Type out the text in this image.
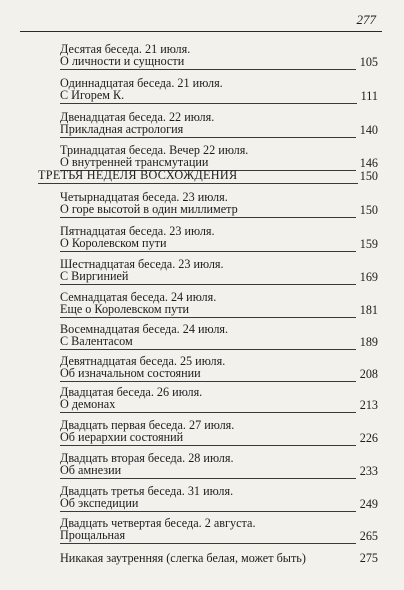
277
Десятая беседа. 21 июля.
О личности и сущности	105
Одиннадцатая беседа. 21 июля.
С Игорем К.	111
Двенадцатая беседа. 22 июля.
Прикладная астрология	140
Тринадцатая беседа. Вечер 22 июля.
О внутренней трансмутации	146
ТРЕТЬЯ НЕДЕЛЯ ВОСХОЖДЕНИЯ	150
Четырнадцатая беседа. 23 июля.
О горе высотой в один миллиметр	150
Пятнадцатая беседа. 23 июля.
О Королевском пути	159
Шестнадцатая беседа. 23 июля.
С Виргинией	169
Семнадцатая беседа. 24 июля.
Еще о Королевском пути	181
Восемнадцатая беседа. 24 июля.
С Валентасом	189
Девятнадцатая беседа. 25 июля.
Об изначальном состоянии	208
Двадцатая беседа. 26 июля.
О демонах	213
Двадцать первая беседа. 27 июля.
Об иерархии состояний	226
Двадцать вторая беседа. 28 июля.
Об амнезии	233
Двадцать третья беседа. 31 июля.
Об экспедиции	249
Двадцать четвертая беседа. 2 августа.
Прощальная	265
Никакая заутренняя (слегка белая, может быть)	275
